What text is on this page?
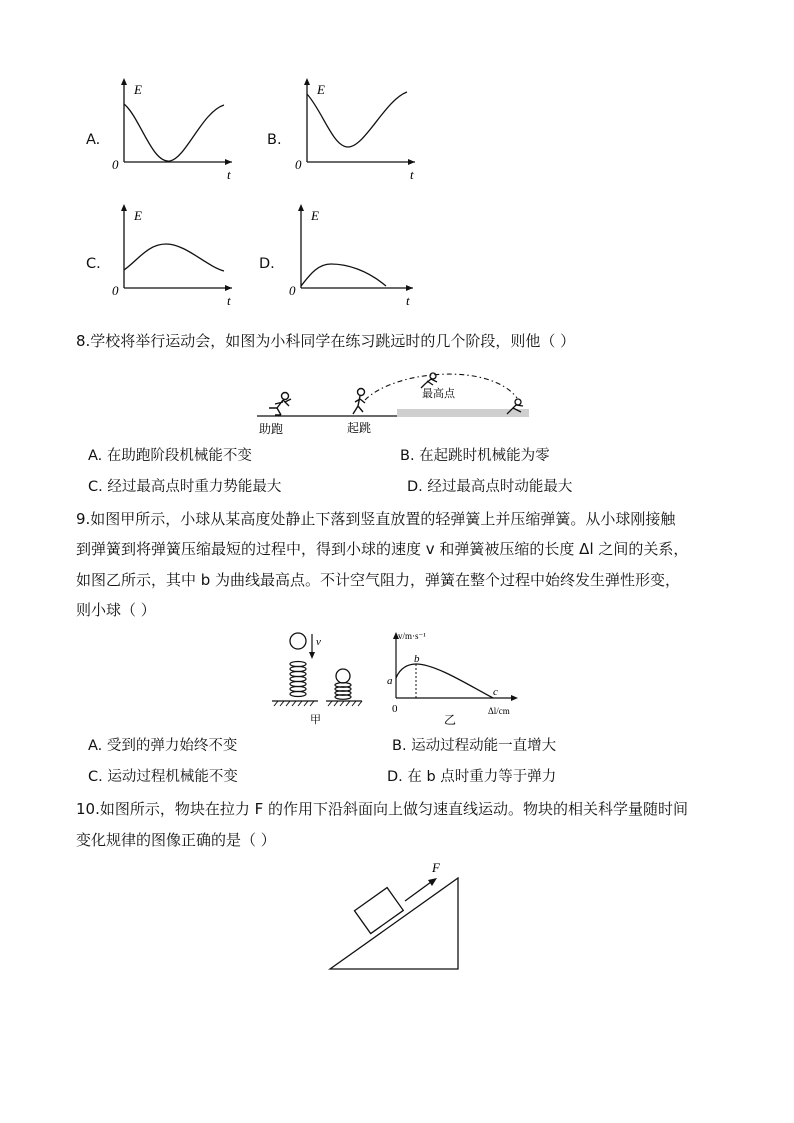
A.
E
0
t
B.
E
0
t
C.
E
0
t
D.
E
0
t
8.学校将举行运动会，如图为小科同学在练习跳远时的几个阶段，则他（ ）
最高点
助跑	起跳
A. 在助跑阶段机械能不变	B. 在起跳时机械能为零
C. 经过最高点时重力势能最大	D. 经过最高点时动能最大
9.如图甲所示，小球从某高度处静止下落到竖直放置的轻弹簧上并压缩弹簧。从小球刚接触
到弹簧到将弹簧压缩最短的过程中，得到小球的速度 v 和弹簧被压缩的长度 Δl 之间的关系，
如图乙所示，其中 b 为曲线最高点。不计空气阻力，弹簧在整个过程中始终发生弹性形变，
则小球（ ）
v
甲
v/m·s⁻¹
a
b
c
0	Δl/cm
乙
A. 受到的弹力始终不变	B. 运动过程动能一直增大
C. 运动过程机械能不变	D. 在 b 点时重力等于弹力
10.如图所示，物块在拉力 F 的作用下沿斜面向上做匀速直线运动。物块的相关科学量随时间
变化规律的图像正确的是（ ）
F
